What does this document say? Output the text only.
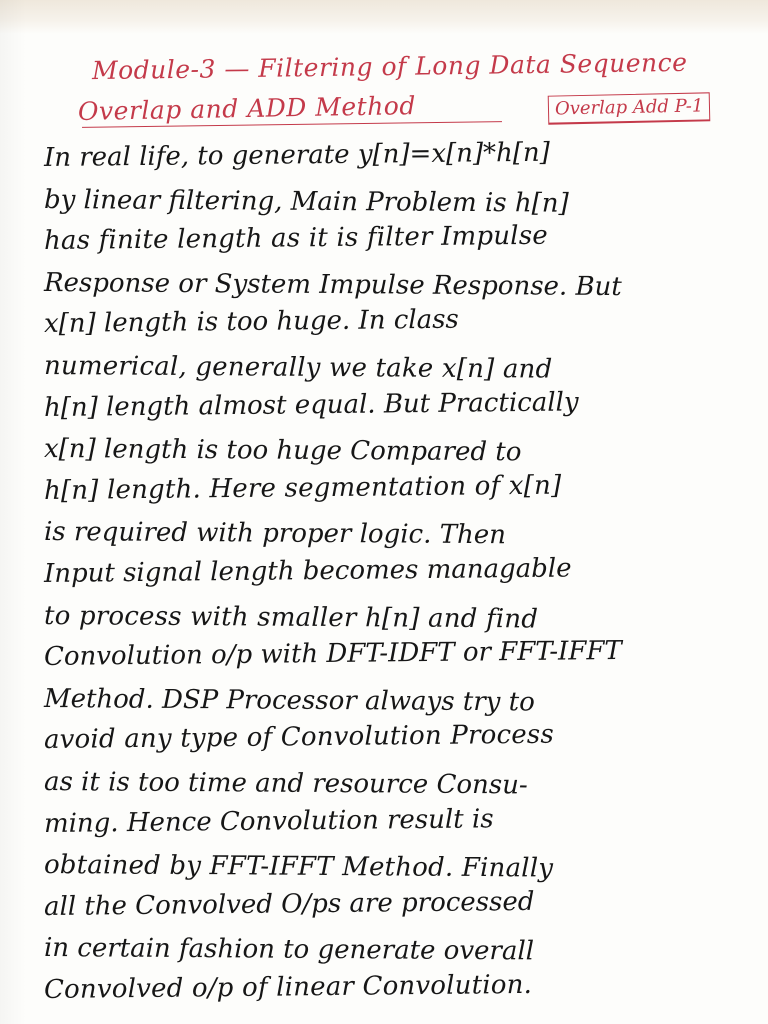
Module-3 — Filtering of Long Data Sequence
Overlap and ADD Method	Overlap Add P-1
In real life, to generate y[n]=x[n]*h[n]
by linear filtering, Main Problem is h[n]
has finite length as it is filter Impulse
Response or System Impulse Response. But
x[n] length is too huge. In class
numerical, generally we take x[n] and
h[n] length almost equal. But Practically
x[n] length is too huge Compared to
h[n] length. Here segmentation of x[n]
is required with proper logic. Then
Input signal length becomes managable
to process with smaller h[n] and find
Convolution o/p with DFT-IDFT or FFT-IFFT
Method. DSP Processor always try to
avoid any type of Convolution Process
as it is too time and resource Consu-
ming. Hence Convolution result is
obtained by FFT-IFFT Method. Finally
all the Convolved O/ps are processed
in certain fashion to generate overall
Convolved o/p of linear Convolution.
